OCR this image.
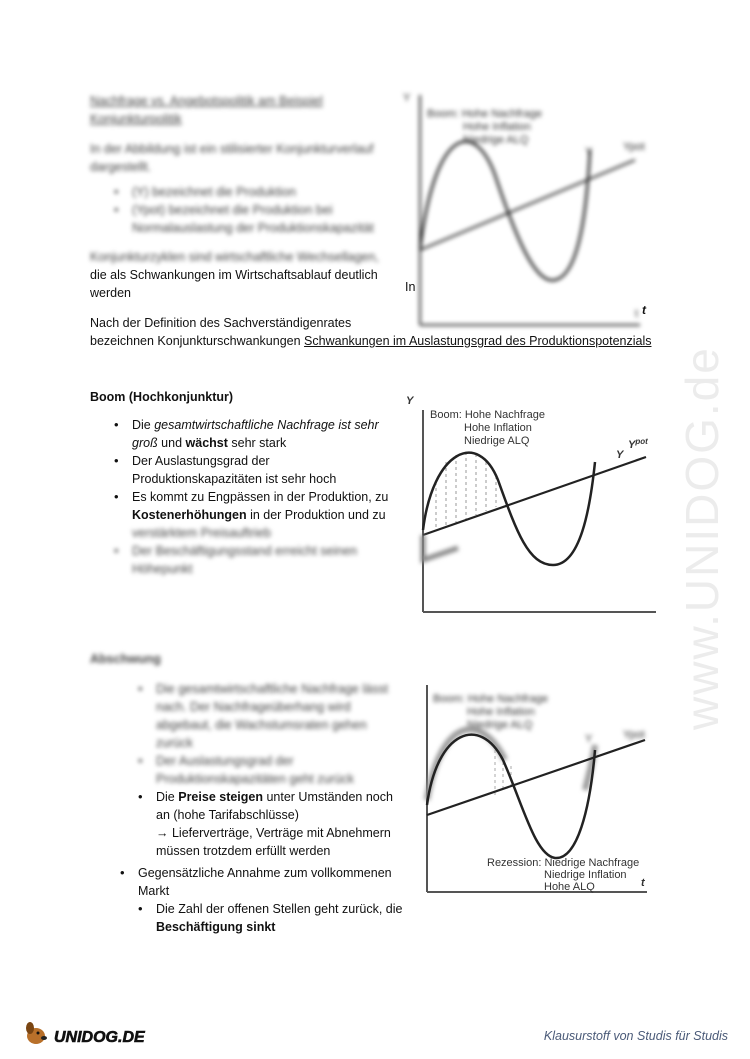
Nachfrage vs. Angebotspolitik am Beispiel Konjunkturpolitik
In der Abbildung ist ein stilisierter Konjunkturverlauf dargestellt.
• (Y) bezeichnet die Produktion
• (Ypot) bezeichnet die Produktion bei Normalauslastung der Produktionskapazität
Konjunkturzyklen sind wirtschaftliche Wechsellagen,
die als Schwankungen im Wirtschaftsablauf deutlich
werden
Nach der Definition des Sachverständigenrates
bezeichnen Konjunkturschwankungen Schwankungen im Auslastungsgrad des Produktionspotenzials
Y
t
Boom: Hohe Nachfrage
Hohe Inflation
Niedrige ALQ
Y	Ypot
In
t
Boom (Hochkonjunktur)
• Die gesamtwirtschaftliche Nachfrage ist sehr groß und wächst sehr stark
• Der Auslastungsgrad der Produktionskapazitäten ist sehr hoch
• Es kommt zu Engpässen in der Produktion, zu Kostenerhöhungen in der Produktion und zu
verstärktem Preisauftrieb
• Der Beschäftigungsstand erreicht seinen Höhepunkt
Y
Boom: Hohe Nachfrage
Hohe Inflation
Niedrige ALQ
Y
$Y^{pot}$
Abschwung
• Die gesamtwirtschaftliche Nachfrage lässt nach. Der Nachfrageüberhang wird abgebaut, die Wachstumsraten gehen zurück
• Der Auslastungsgrad der Produktionskapazitäten geht zurück
• Die Preise steigen unter Umständen noch an (hohe Tarifabschlüsse)
→ Lieferverträge, Verträge mit Abnehmern müssen trotzdem erfüllt werden
• Gegensätzliche Annahme zum vollkommenen Markt
• Die Zahl der offenen Stellen geht zurück, die Beschäftigung sinkt
Boom: Hohe Nachfrage
Hohe Inflation
Niedrige ALQ
Y	Ypot
t
Rezession: Niedrige Nachfrage
Niedrige Inflation
Hohe ALQ
www.UNIDOG.de
UNIDOG.DE	Klausurstoff von Studis für Studis
